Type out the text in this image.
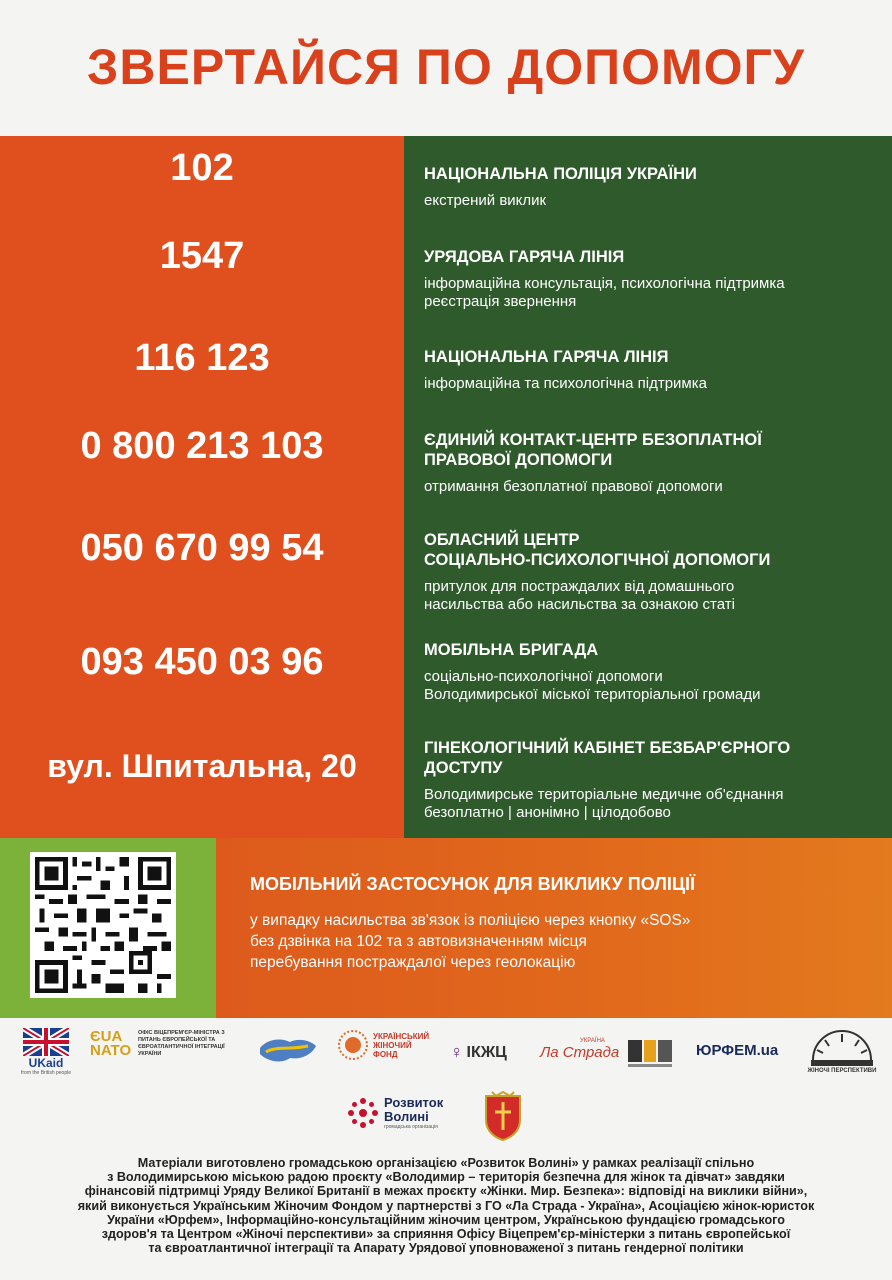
ЗВЕРТАЙСЯ ПО ДОПОМОГУ
102	НАЦІОНАЛЬНА ПОЛІЦІЯ УКРАЇНИ
екстрений виклик
1547	УРЯДОВА ГАРЯЧА ЛІНІЯ
інформаційна консультація, психологічна підтримка
реєстрація звернення
116 123	НАЦІОНАЛЬНА ГАРЯЧА ЛІНІЯ
інформаційна та психологічна підтримка
0 800 213 103	ЄДИНИЙ КОНТАКТ-ЦЕНТР БЕЗОПЛАТНОЇ
ПРАВОВОЇ ДОПОМОГИ
отримання безоплатної правової допомоги
050 670 99 54	ОБЛАСНИЙ ЦЕНТР
СОЦІАЛЬНО-ПСИХОЛОГІЧНОЇ ДОПОМОГИ
притулок для постраждалих від домашнього
насильства або насильства за ознакою статі
093 450 03 96	МОБІЛЬНА БРИГАДА
соціально-психологічної допомоги
Володимирської міської територіальної громади
вул. Шпитальна, 20	ГІНЕКОЛОГІЧНИЙ КАБІНЕТ БЕЗБАР'ЄРНОГО
ДОСТУПУ
Володимирське територіальне медичне об'єднання
безоплатно | анонімно | цілодобово
МОБІЛЬНИЙ ЗАСТОСУНОК ДЛЯ ВИКЛИКУ ПОЛІЦІЇ
у випадку насильства зв'язок із поліцією через кнопку «SOS»
без дзвінка на 102 та з автовизначенням місця
перебування постраждалої через геолокацію
UKaid
from the British people
ЄUA NATO
ОФІС ВІЦЕПРЕМ'ЄР-МІНІСТРА З ПИТАНЬ ЄВРОПЕЙСЬКОЇ ТА ЄВРОАТЛАНТИЧНОЇ ІНТЕГРАЦІЇ УКРАЇНИ
УКРАЇНСЬКИЙ ЖІНОЧИЙ ФОНД	♀ ІКЖЦ
УКРАЇНА
Ла Страда	ЮРФЕМ.ua
ЖІНОЧІ ПЕРСПЕКТИВИ
Розвиток Волині
громадська організація
Матеріали виготовлено громадською організацією «Розвиток Волині» у рамках реалізації спільно
з Володимирською міською радою проєкту «Володимир – територія безпечна для жінок та дівчат» завдяки
фінансовій підтримці Уряду Великої Британії в межах проєкту «Жінки. Мир. Безпека»: відповіді на виклики війни»,
який виконується Українським Жіночим Фондом у партнерстві з ГО «Ла Страда - Україна», Асоціацією жінок-юристок
України «Юрфем», Інформаційно-консультаційним жіночим центром, Українською фундацією громадського
здоров'я та Центром «Жіночі перспективи» за сприяння Офісу Віцепрем'єр-міністерки з питань європейської
та євроатлантичної інтеграції та Апарату Урядової уповноваженої з питань гендерної політики
